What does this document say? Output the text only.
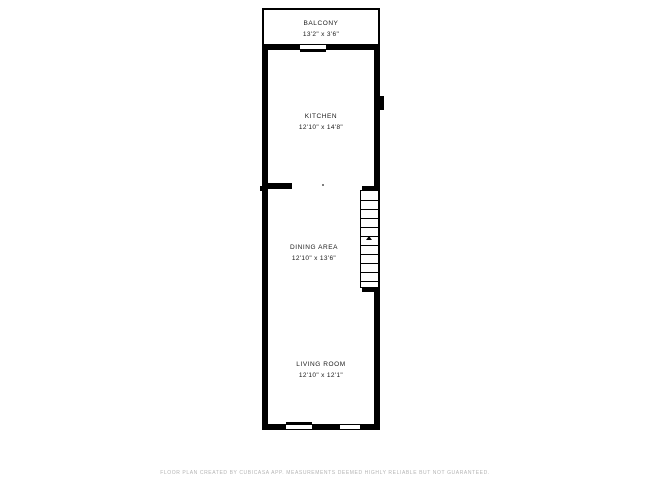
BALCONY
13'2" x 3'6"
KITCHEN
12'10" x 14'8"
DINING AREA
12'10" x 13'6"
LIVING ROOM
12'10" x 12'1"
FLOOR PLAN CREATED BY CUBICASA APP. MEASUREMENTS DEEMED HIGHLY RELIABLE BUT NOT GUARANTEED.
